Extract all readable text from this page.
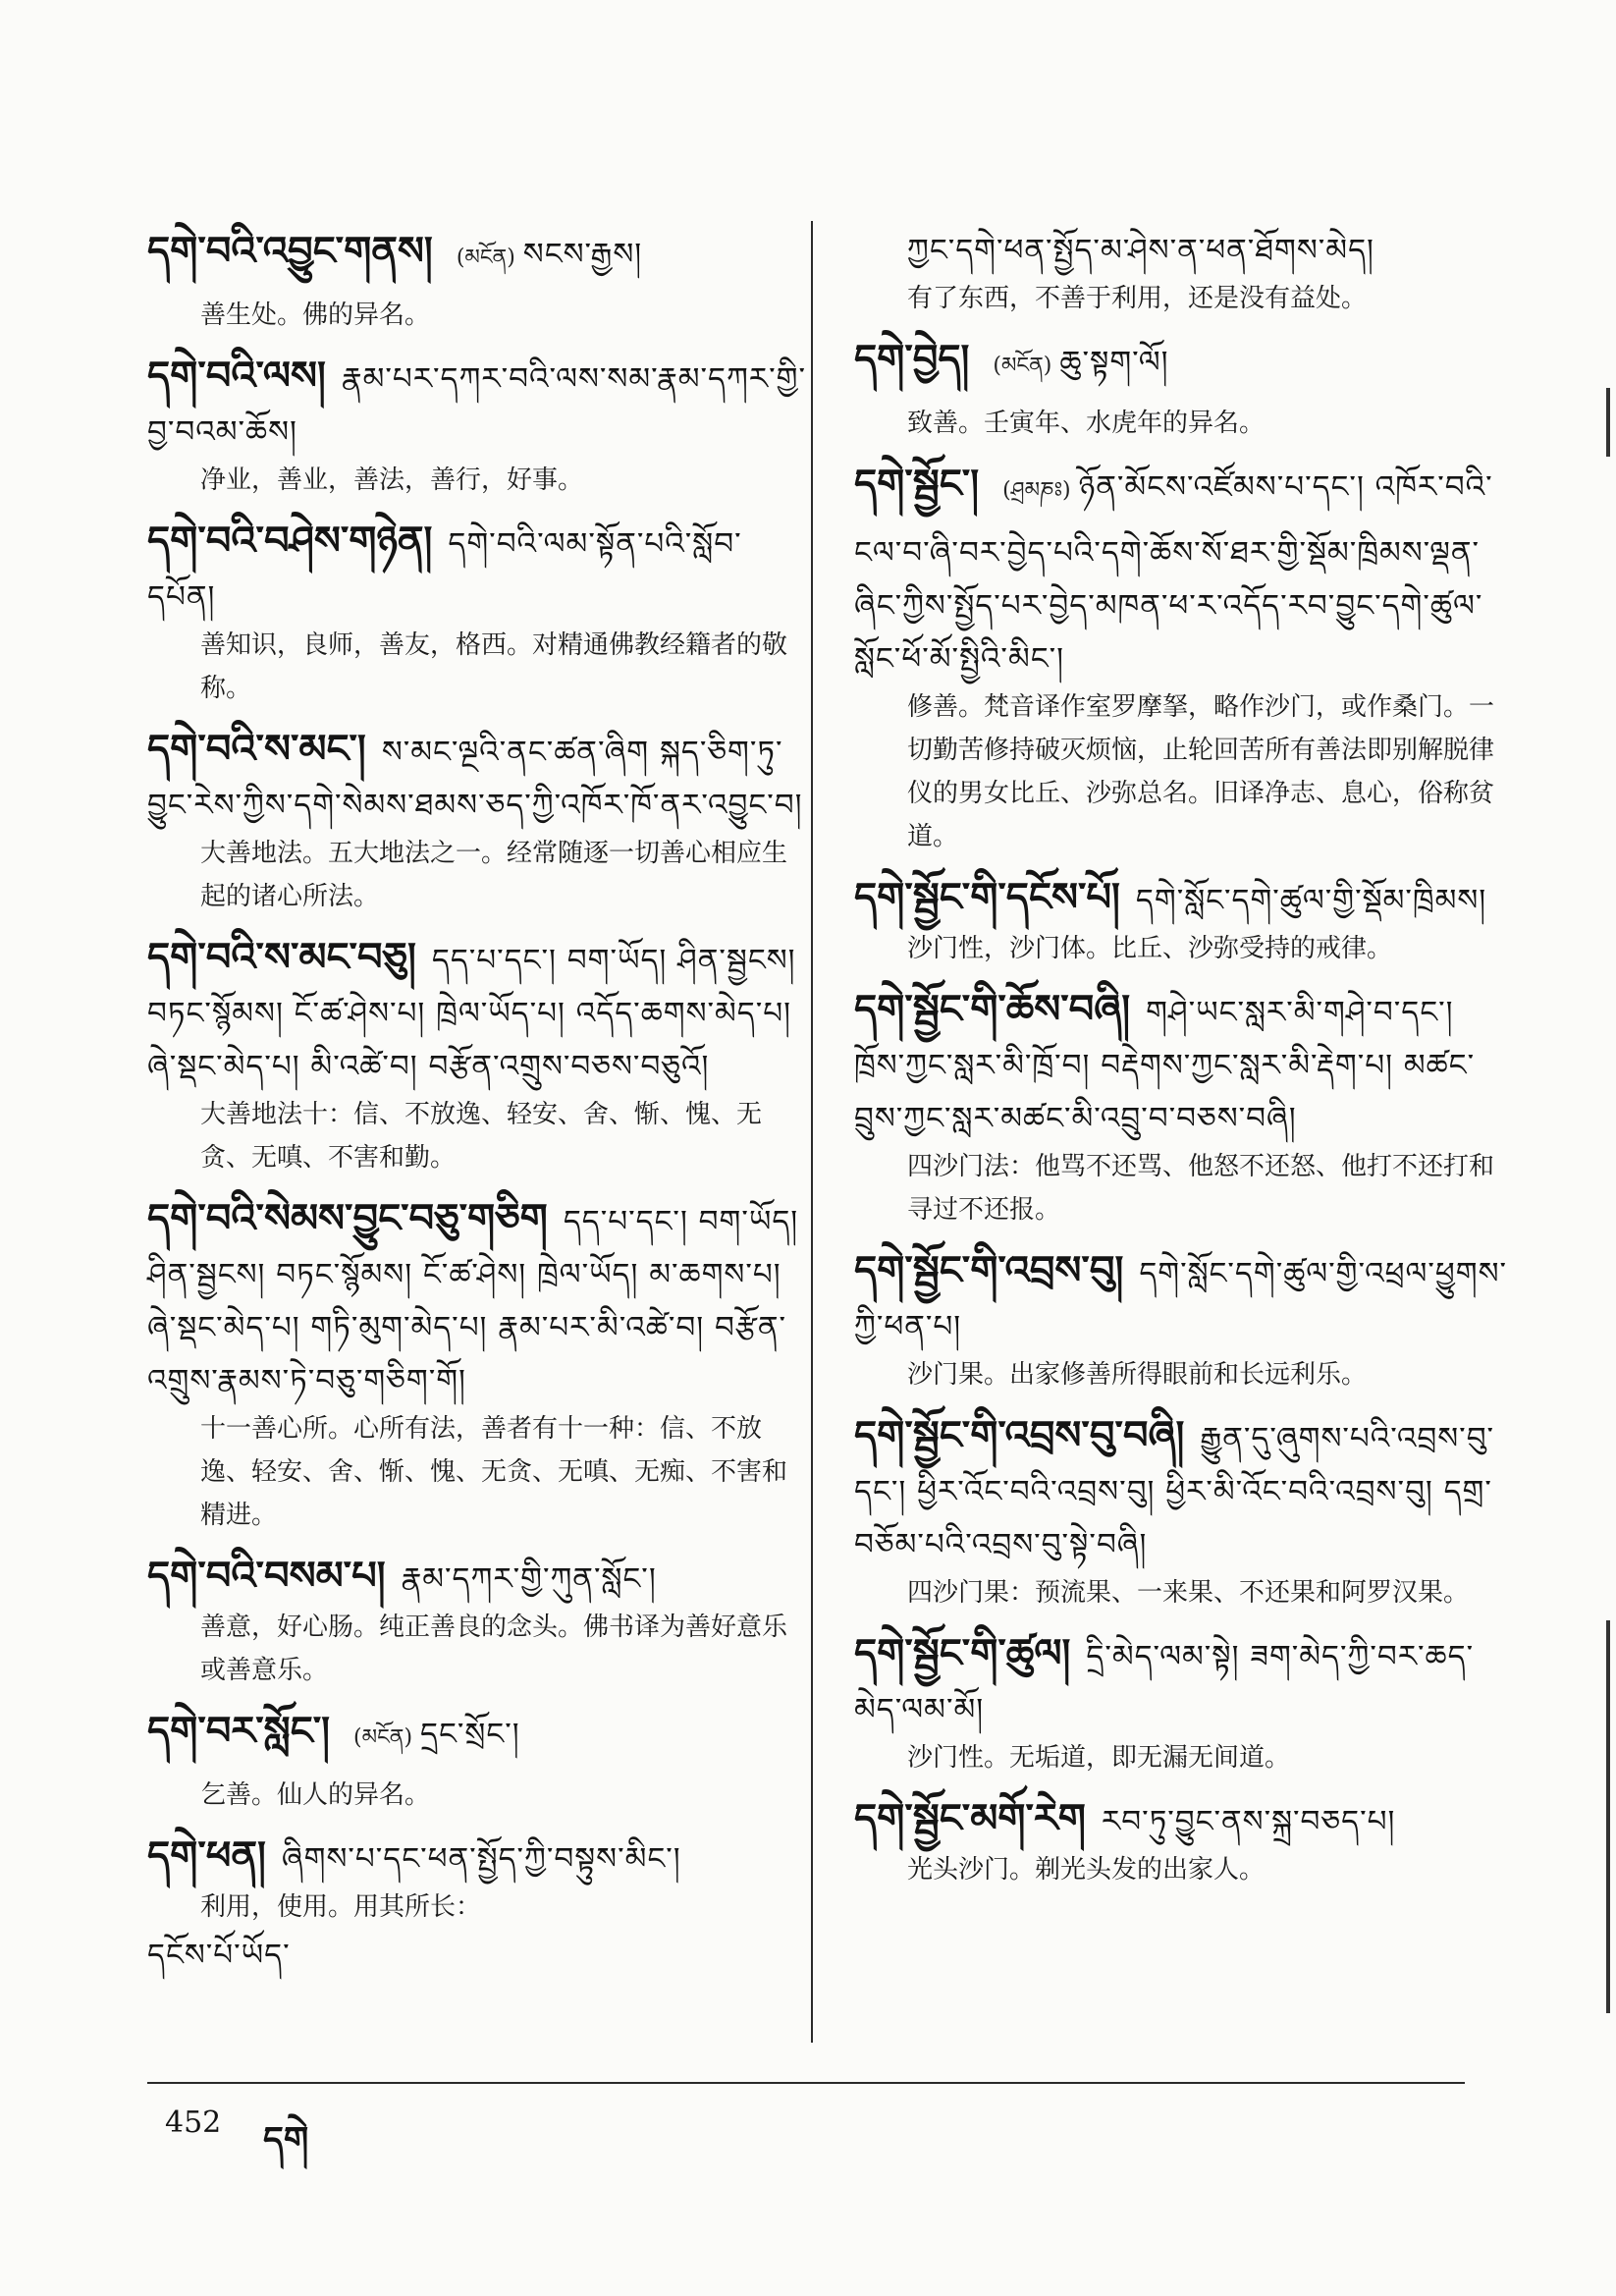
དགེ་བའི་འབྱུང་གནས། (མངོན) སངས་རྒྱས།
善生处。佛的异名。
དགེ་བའི་ལས། རྣམ་པར་དཀར་བའི་ལས་སམ་རྣམ་དཀར་གྱི་བྱ་བའམ་ཆོས།
净业，善业，善法，善行，好事。
དགེ་བའི་བཤེས་གཉེན། དགེ་བའི་ལམ་སྟོན་པའི་སློབ་དཔོན།
善知识，良师，善友，格西。对精通佛教经籍者的敬称。
དགེ་བའི་ས་མང་། ས་མང་ལྔའི་ནང་ཚན་ཞིག སྐད་ཅིག་ཏུ་བྱུང་རེས་ཀྱིས་དགེ་སེམས་ཐམས་ཅད་ཀྱི་འཁོར་ཁོ་ནར་འབྱུང་བ།
大善地法。五大地法之一。经常随逐一切善心相应生起的诸心所法。
དགེ་བའི་ས་མང་བཅུ། དད་པ་དང་། བག་ཡོད། ཤིན་སྦྱངས། བཏང་སྙོམས། ངོ་ཚ་ཤེས་པ། ཁྲེལ་ཡོད་པ། འདོད་ཆགས་མེད་པ། ཞེ་སྡང་མེད་པ། མི་འཚེ་བ། བརྩོན་འགྲུས་བཅས་བཅུའོ།
大善地法十：信、不放逸、轻安、舍、惭、愧、无贪、无嗔、不害和勤。
དགེ་བའི་སེམས་བྱུང་བཅུ་གཅིག དད་པ་དང་། བག་ཡོད། ཤིན་སྦྱངས། བཏང་སྙོམས། ངོ་ཚ་ཤེས། ཁྲེལ་ཡོད། མ་ཆགས་པ། ཞེ་སྡང་མེད་པ། གཏི་མུག་མེད་པ། རྣམ་པར་མི་འཚེ་བ། བརྩོན་འགྲུས་རྣམས་ཏེ་བཅུ་གཅིག་གོ།
十一善心所。心所有法，善者有十一种：信、不放逸、轻安、舍、惭、愧、无贪、无嗔、无痴、不害和精进。
དགེ་བའི་བསམ་པ། རྣམ་དཀར་གྱི་ཀུན་སློང་།
善意，好心肠。纯正善良的念头。佛书译为善好意乐或善意乐。
དགེ་བར་སློང་། (མངོན) དྲང་སྲོང་།
乞善。仙人的异名。
དགེ་ཕན། ཞིགས་པ་དང་ཕན་སྤྱོད་ཀྱི་བསྟུས་མིང་།
利用，使用。用其所长：
དངོས་པོ་ཡོད་
ཀྱང་དགེ་ཕན་སྤྱོད་མ་ཤེས་ན་ཕན་ཐོགས་མེད།
有了东西，不善于利用，还是没有益处。
དགེ་བྱེད། (མངོན) ཆུ་སྟག་ལོ།
致善。壬寅年、水虎年的异名。
དགེ་སྦྱོང་། (ཤྲམཎཿ) ཉོན་མོངས་འཛོམས་པ་དང་། འཁོར་བའི་ངལ་བ་ཞི་བར་བྱེད་པའི་དགེ་ཆོས་སོ་ཐར་གྱི་སྡོམ་ཁྲིམས་ལྡན་ཞིང་ཀྱིས་སྤྱོད་པར་བྱེད་མཁན་ཕ་ར་འདོད་རབ་བྱུང་དགེ་ཚུལ་སློང་ཕོ་མོ་སྤྱིའི་མིང་།
修善。梵音译作室罗摩拏，略作沙门，或作桑门。一切勤苦修持破灭烦恼，止轮回苦所有善法即别解脱律仪的男女比丘、沙弥总名。旧译净志、息心，俗称贫道。
དགེ་སྦྱོང་གི་དངོས་པོ། དགེ་སློང་དགེ་ཚུལ་གྱི་སྡོམ་ཁྲིམས།
沙门性，沙门体。比丘、沙弥受持的戒律。
དགེ་སྦྱོང་གི་ཆོས་བཞི། གཤེ་ཡང་སླར་མི་གཤེ་བ་དང་། ཁྲོས་ཀྱང་སླར་མི་ཁྲོ་བ། བརྡེགས་ཀྱང་སླར་མི་རྡེག་པ། མཚང་བྲུས་ཀྱང་སླར་མཚང་མི་འབྲུ་བ་བཅས་བཞི།
四沙门法：他骂不还骂、他怒不还怒、他打不还打和寻过不还报。
དགེ་སྦྱོང་གི་འབྲས་བུ། དགེ་སློང་དགེ་ཚུལ་གྱི་འཕྲལ་ཕྱུགས་ཀྱི་ཕན་པ།
沙门果。出家修善所得眼前和长远利乐。
དགེ་སྦྱོང་གི་འབྲས་བུ་བཞི། རྒྱུན་དུ་ཞུགས་པའི་འབྲས་བུ་དང་། ཕྱིར་འོང་བའི་འབྲས་བུ། ཕྱིར་མི་འོང་བའི་འབྲས་བུ། དགྲ་བཅོམ་པའི་འབྲས་བུ་སྟེ་བཞི།
四沙门果：预流果、一来果、不还果和阿罗汉果。
དགེ་སྦྱོང་གི་ཚུལ། དྲི་མེད་ལམ་སྟེ། ཟག་མེད་ཀྱི་བར་ཆད་མེད་ལམ་མོ།
沙门性。无垢道，即无漏无间道。
དགེ་སྦྱོང་མགོ་རེག རབ་ཏུ་བྱུང་ནས་སྐྲ་བཅད་པ།
光头沙门。剃光头发的出家人。
452 དགེ
